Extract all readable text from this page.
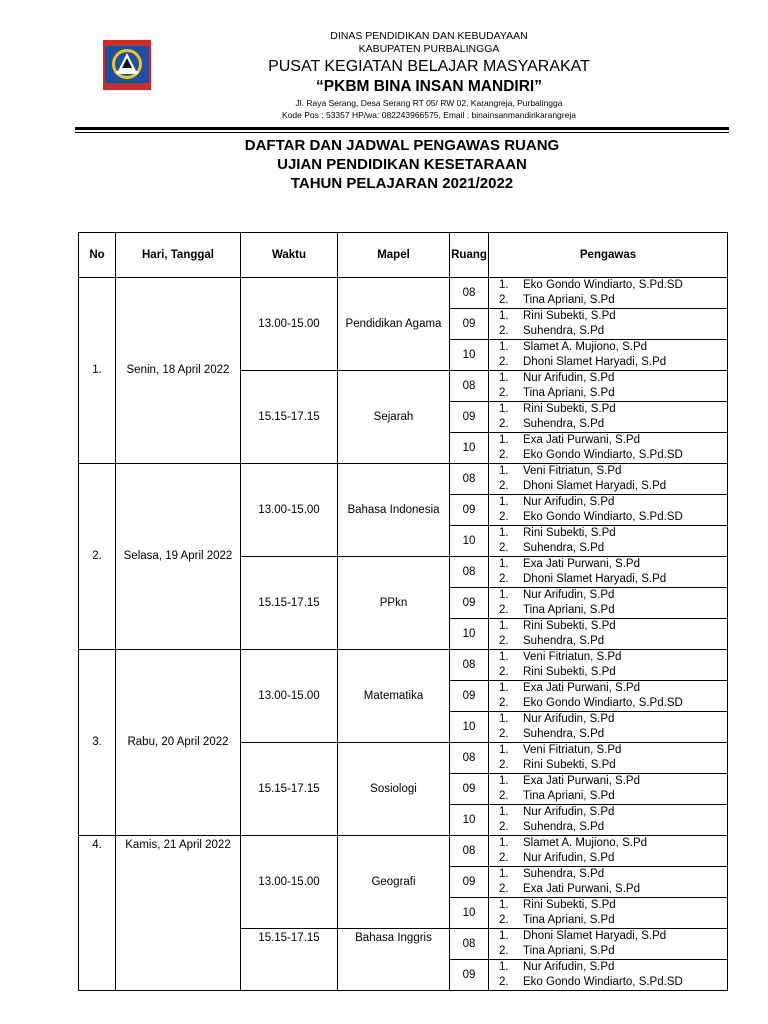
DINAS PENDIDIKAN DAN KEBUDAYAAN
KABUPATEN PURBALINGGA
PUSAT KEGIATAN BELAJAR MASYARAKAT
“PKBM BINA INSAN MANDIRI”
Jl. Raya Serang, Desa Serang RT 05/ RW 02, Karangreja, Purbalingga
Kode Pos : 53357 HP/wa: 082243966575, Email : binainsanmandirikarangreja
DAFTAR DAN JADWAL PENGAWAS RUANG
UJIAN PENDIDIKAN KESETARAAN
TAHUN PELAJARAN 2021/2022
No	Hari, Tanggal	Waktu	Mapel	Ruang	Pengawas
1.	Senin, 18 April 2022	13.00-15.00	Pendidikan Agama	08	1. Eko Gondo Windiarto, S.Pd.SD
2. Tina Apriani, S.Pd

				09	1. Rini Subekti, S.Pd
2. Suhendra, S.Pd

				10	1. Slamet A. Mujiono, S.Pd
2. Dhoni Slamet Haryadi, S.Pd

		15.15-17.15	Sejarah	08	1. Nur Arifudin, S.Pd
2. Tina Apriani, S.Pd

				09	1. Rini Subekti, S.Pd
2. Suhendra, S.Pd

				10	1. Exa Jati Purwani, S.Pd
2. Eko Gondo Windiarto, S.Pd.SD

2.	Selasa, 19 April 2022	13.00-15.00	Bahasa Indonesia	08	1. Veni Fitriatun, S.Pd
2. Dhoni Slamet Haryadi, S.Pd

				09	1. Nur Arifudin, S.Pd
2. Eko Gondo Windiarto, S.Pd.SD

				10	1. Rini Subekti, S.Pd
2. Suhendra, S.Pd

		15.15-17.15	PPkn	08	1. Exa Jati Purwani, S.Pd
2. Dhoni Slamet Haryadi, S.Pd

				09	1. Nur Arifudin, S.Pd
2. Tina Apriani, S.Pd

				10	1. Rini Subekti, S.Pd
2. Suhendra, S.Pd

3.	Rabu, 20 April 2022	13.00-15.00	Matematika	08	1. Veni Fitriatun, S.Pd
2. Rini Subekti, S.Pd

				09	1. Exa Jati Purwani, S.Pd
2. Eko Gondo Windiarto, S.Pd.SD

				10	1. Nur Arifudin, S.Pd
2. Suhendra, S.Pd

		15.15-17.15	Sosiologi	08	1. Veni Fitriatun, S.Pd
2. Rini Subekti, S.Pd

				09	1. Exa Jati Purwani, S.Pd
2. Tina Apriani, S.Pd

				10	1. Nur Arifudin, S.Pd
2. Suhendra, S.Pd

4.	Kamis, 21 April 2022	13.00-15.00	Geografi	08	1. Slamet A. Mujiono, S.Pd
2. Nur Arifudin, S.Pd

				09	1. Suhendra, S.Pd
2. Exa Jati Purwani, S.Pd

				10	1. Rini Subekti, S.Pd
2. Tina Apriani, S.Pd

		15.15-17.15	Bahasa Inggris	08	1. Dhoni Slamet Haryadi, S.Pd
2. Tina Apriani, S.Pd

				09	1. Nur Arifudin, S.Pd
2. Eko Gondo Windiarto, S.Pd.SD
